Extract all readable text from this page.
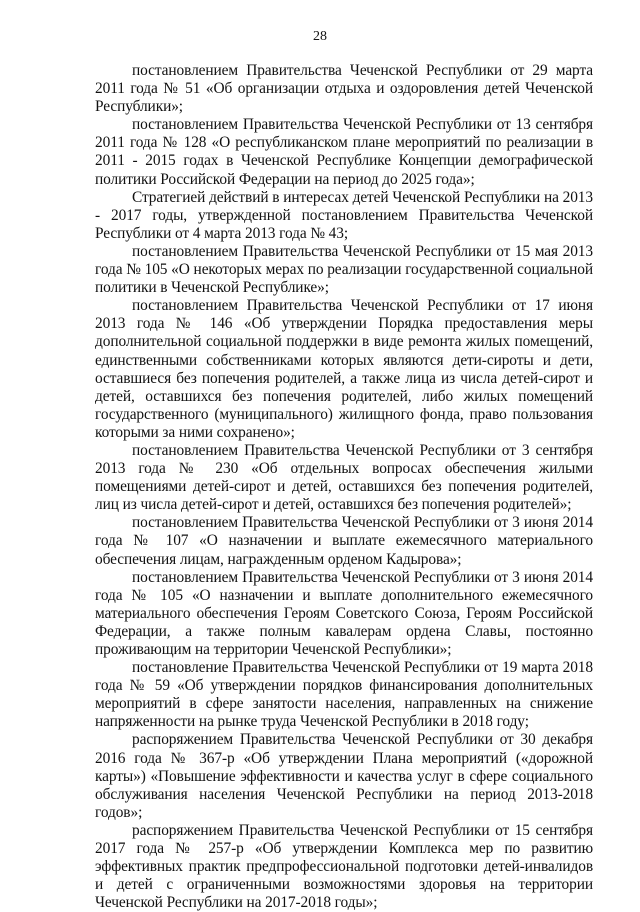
28

постановлением Правительства Чеченской Республики от 29 марта 2011 года № 51 «Об организации отдыха и оздоровления детей Чеченской Республики»;

постановлением Правительства Чеченской Республики от 13 сентября 2011 года № 128 «О республиканском плане мероприятий по реализации в 2011 - 2015 годах в Чеченской Республике Концепции демографической политики Российской Федерации на период до 2025 года»;

Стратегией действий в интересах детей Чеченской Республики на 2013 - 2017 годы, утвержденной постановлением Правительства Чеченской Республики от 4 марта 2013 года № 43;

постановлением Правительства Чеченской Республики от 15 мая 2013 года № 105 «О некоторых мерах по реализации государственной социальной политики в Чеченской Республике»;

постановлением Правительства Чеченской Республики от 17 июня 2013 года № 146 «Об утверждении Порядка предоставления меры дополнительной социальной поддержки в виде ремонта жилых помещений, единственными собственниками которых являются дети-сироты и дети, оставшиеся без попечения родителей, а также лица из числа детей-сирот и детей, оставшихся без попечения родителей, либо жилых помещений государственного (муниципального) жилищного фонда, право пользования которыми за ними сохранено»;

постановлением Правительства Чеченской Республики от 3 сентября 2013 года № 230 «Об отдельных вопросах обеспечения жилыми помещениями детей-сирот и детей, оставшихся без попечения родителей, лиц из числа детей-сирот и детей, оставшихся без попечения родителей»;

постановлением Правительства Чеченской Республики от 3 июня 2014 года № 107 «О назначении и выплате ежемесячного материального обеспечения лицам, награжденным орденом Кадырова»;

постановлением Правительства Чеченской Республики от 3 июня 2014 года № 105 «О назначении и выплате дополнительного ежемесячного материального обеспечения Героям Советского Союза, Героям Российской Федерации, а также полным кавалерам ордена Славы, постоянно проживающим на территории Чеченской Республики»;

постановление Правительства Чеченской Республики от 19 марта 2018 года № 59 «Об утверждении порядков финансирования дополнительных мероприятий в сфере занятости населения, направленных на снижение напряженности на рынке труда Чеченской Республики в 2018 году;

распоряжением Правительства Чеченской Республики от 30 декабря 2016 года № 367-р «Об утверждении Плана мероприятий («дорожной карты») «Повышение эффективности и качества услуг в сфере социального обслуживания населения Чеченской Республики на период 2013-2018 годов»;

распоряжением Правительства Чеченской Республики от 15 сентября 2017 года № 257-р «Об утверждении Комплекса мер по развитию эффективных практик предпрофессиональной подготовки детей-инвалидов и детей с ограниченными возможностями здоровья на территории Чеченской Республики на 2017-2018 годы»;
